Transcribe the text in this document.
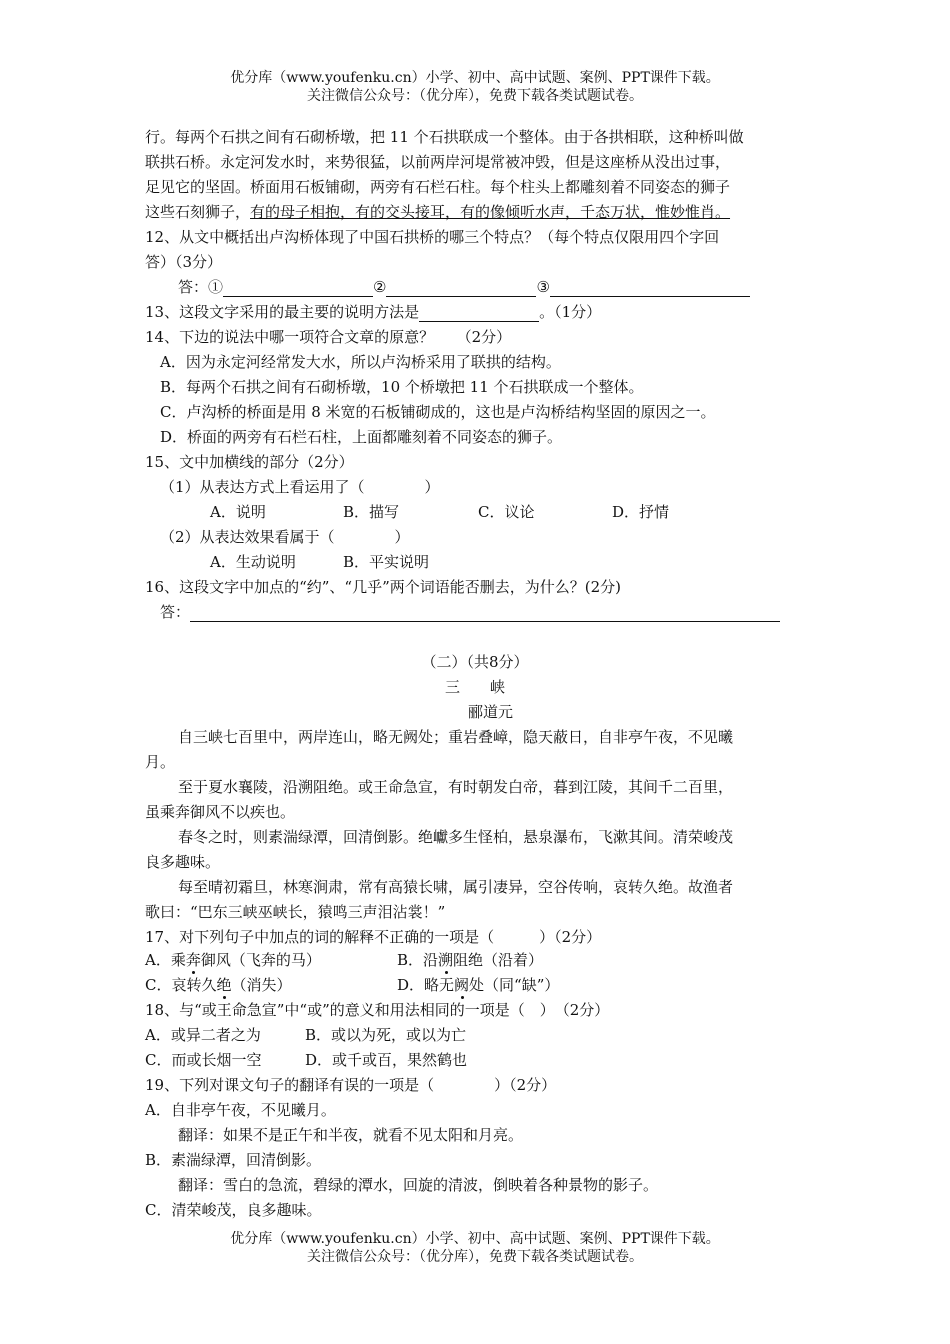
优分库（www.youfenku.cn）小学、初中、高中试题、案例、PPT课件下载。
关注微信公众号：（优分库），免费下载各类试题试卷。
行。每两个石拱之间有石砌桥墩，把 11 个石拱联成一个整体。由于各拱相联，这种桥叫做
联拱石桥。永定河发水时，来势很猛，以前两岸河堤常被冲毁，但是这座桥从没出过事，
足见它的坚固。桥面用石板铺砌，两旁有石栏石柱。每个柱头上都雕刻着不同姿态的狮子
这些石刻狮子，有的母子相抱，有的交头接耳，有的像倾听水声，千态万状，惟妙惟肖。
12、从文中概括出卢沟桥体现了中国石拱桥的哪三个特点？（每个特点仅限用四个字回
答）（3分）
答：①	②	③
13、这段文字采用的最主要的说明方法是	。（1分）
14、下边的说法中哪一项符合文章的原意？　　（2分）
A．因为永定河经常发大水，所以卢沟桥采用了联拱的结构。
B．每两个石拱之间有石砌桥墩，10 个桥墩把 11 个石拱联成一个整体。
C．卢沟桥的桥面是用 8 米宽的石板铺砌成的，这也是卢沟桥结构坚固的原因之一。
D．桥面的两旁有石栏石柱，上面都雕刻着不同姿态的狮子。
15、文中加横线的部分（2分）
（1）从表达方式上看运用了（　　　　）
A．说明	B．描写	C．议论	D．抒情
（2）从表达效果看属于（　　　　）
A．生动说明	B．平实说明
16、这段文字中加点的“约”、“几乎”两个词语能否删去，为什么？(2分)
答：
（二）（共8分）
三　　峡
郦道元
自三峡七百里中，两岸连山，略无阙处；重岩叠嶂，隐天蔽日，自非亭午夜，不见曦
月。
至于夏水襄陵，沿溯阻绝。或王命急宣，有时朝发白帝，暮到江陵，其间千二百里，
虽乘奔御风不以疾也。
春冬之时，则素湍绿潭，回清倒影。绝巘多生怪柏，悬泉瀑布，飞漱其间。清荣峻茂
良多趣味。
每至晴初霜旦，林寒涧肃，常有高猿长啸，属引凄异，空谷传响，哀转久绝。故渔者
歌曰：“巴东三峡巫峡长，猿鸣三声泪沾裳！”
17、对下列句子中加点的词的解释不正确的一项是（　　　）（2分）
A．乘奔御风（飞奔的马）	B．沿溯阻绝（沿着）
C．哀转久绝（消失）	D．略无阙处（同“缺”）
18、与“或王命急宣”中“或”的意义和用法相同的一项是（　）　（2分）
A．或异二者之为	B．或以为死，或以为亡
C．而或长烟一空	D．或千或百，果然鹤也
19、下列对课文句子的翻译有误的一项是（　　　　）（2分）
A．自非亭午夜，不见曦月。
翻译：如果不是正午和半夜，就看不见太阳和月亮。
B．素湍绿潭，回清倒影。
翻译：雪白的急流，碧绿的潭水，回旋的清波，倒映着各种景物的影子。
C．清荣峻茂，良多趣味。
优分库（www.youfenku.cn）小学、初中、高中试题、案例、PPT课件下载。
关注微信公众号：（优分库），免费下载各类试题试卷。
